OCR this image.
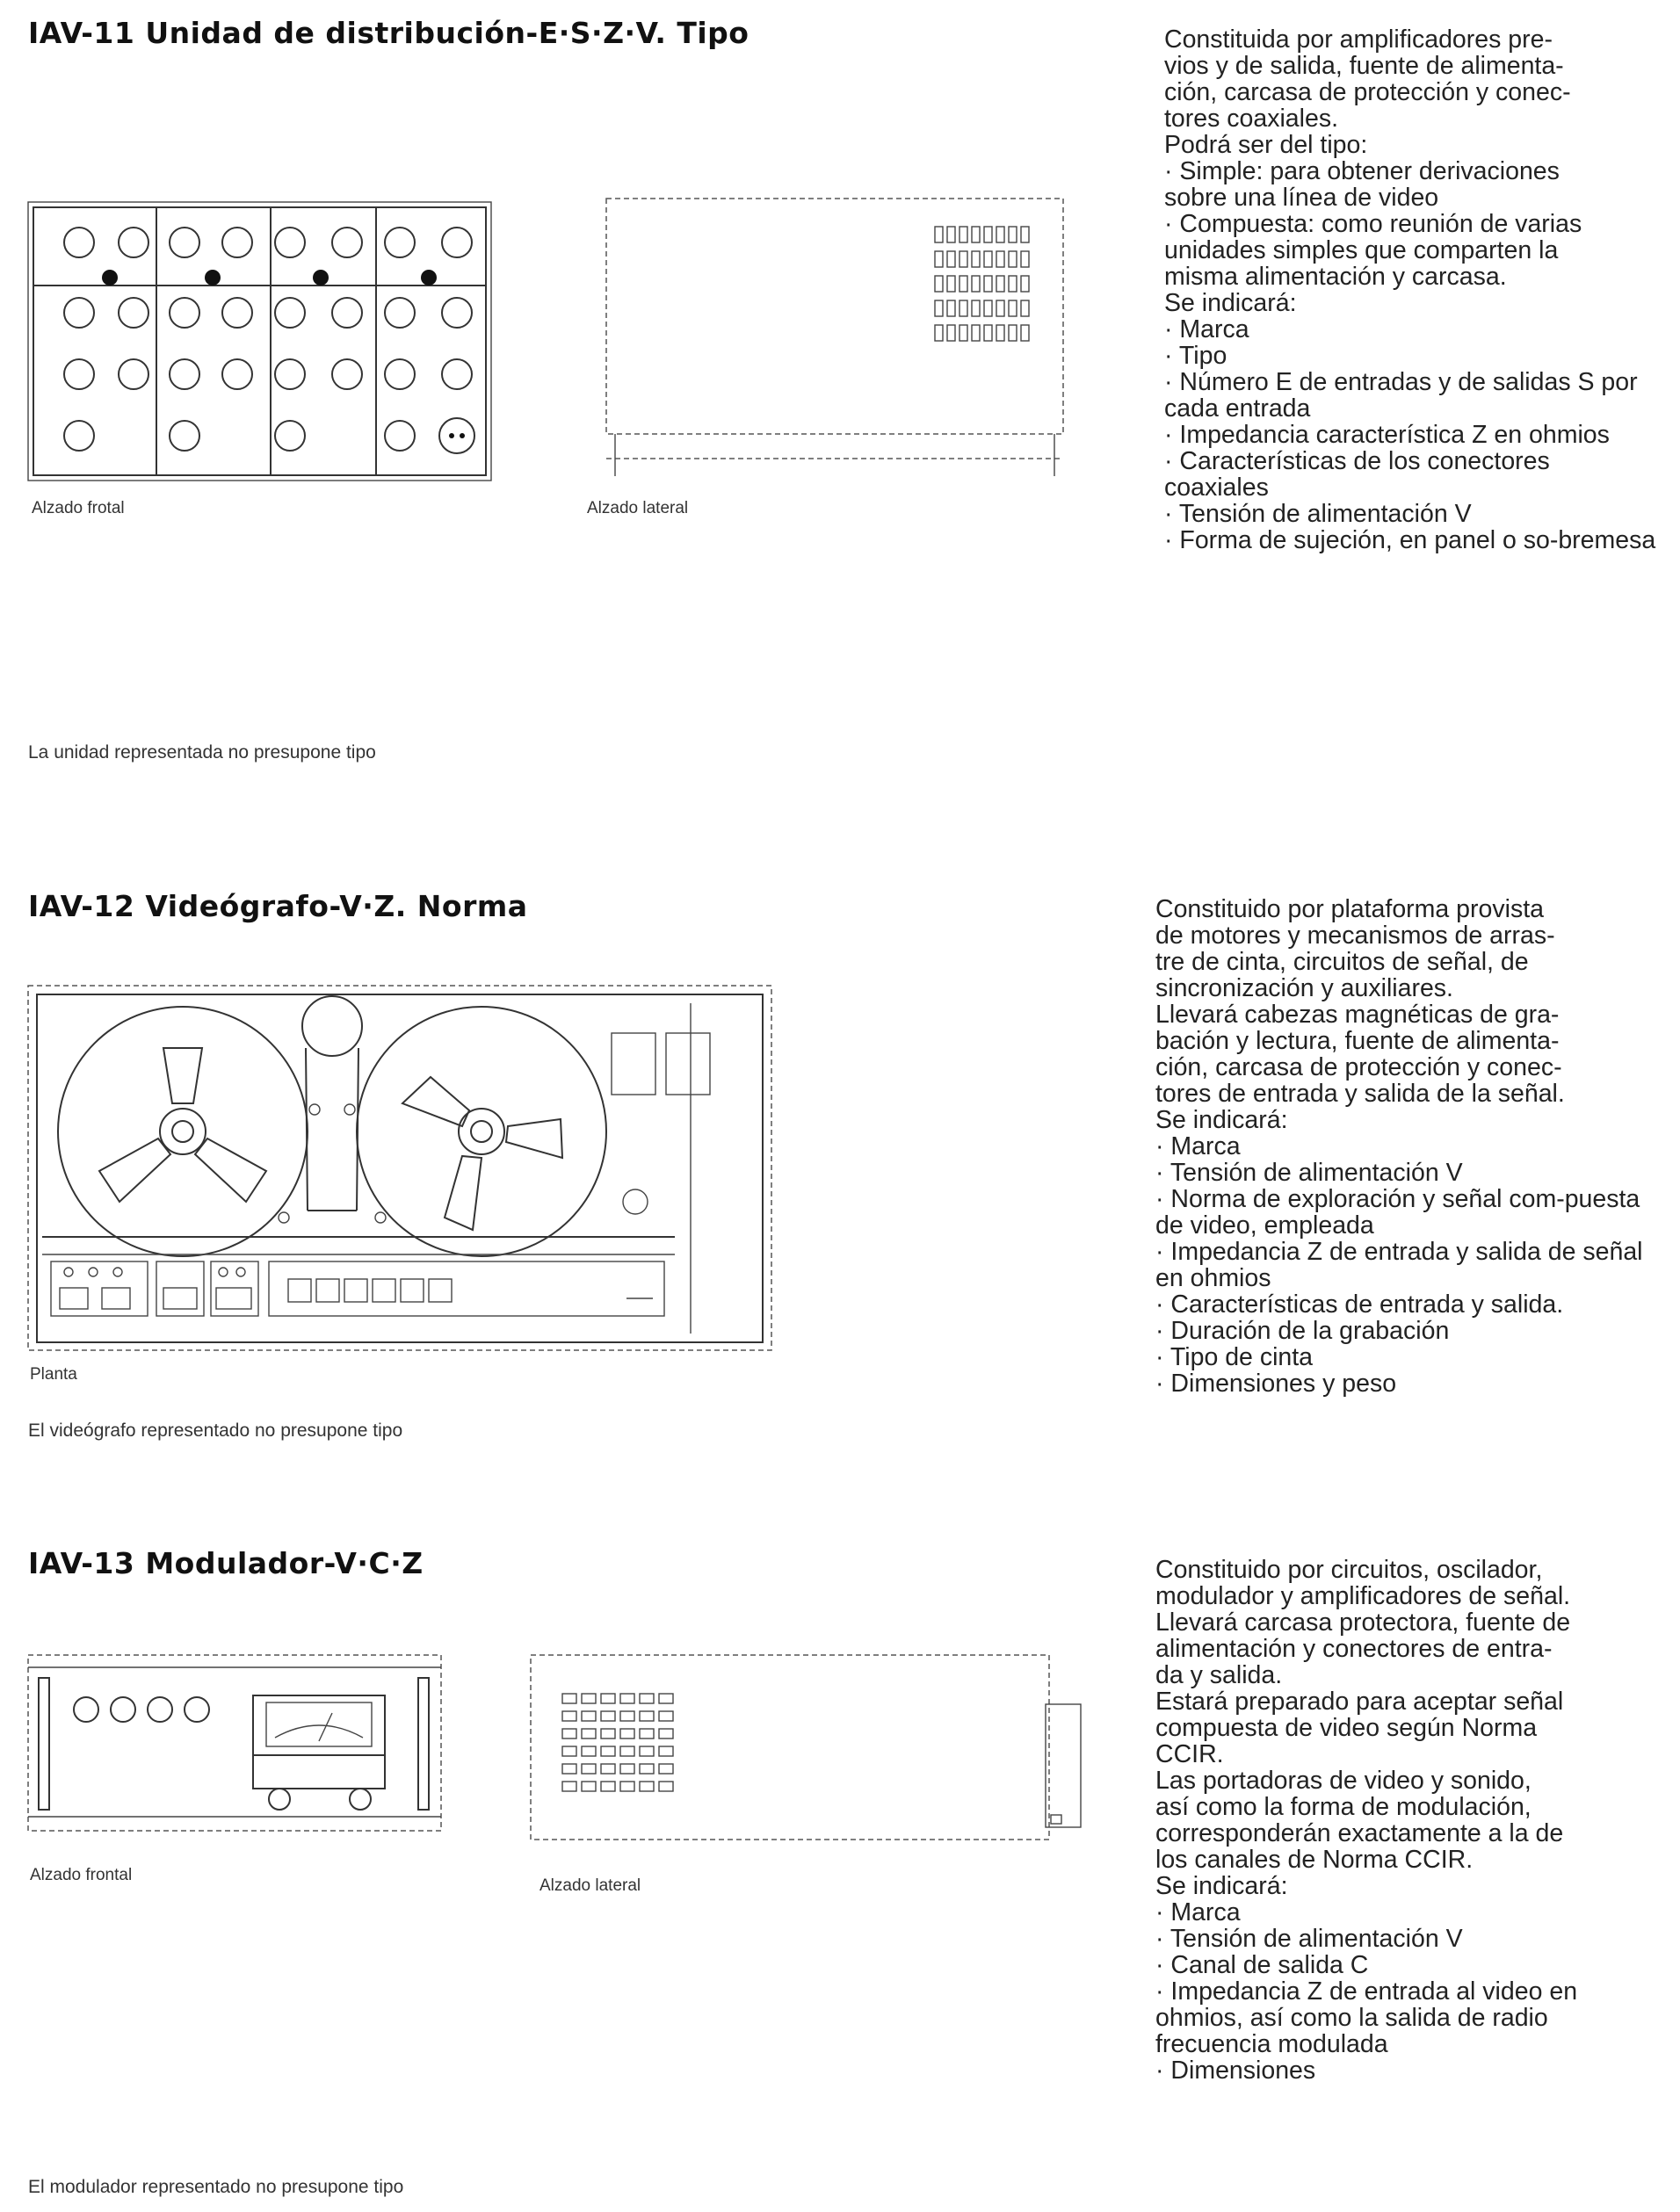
IAV-11 Unidad de distribución-E·S·Z·V. Tipo
Alzado frotal	Alzado lateral

Constituida por amplificadores pre-
vios y de salida, fuente de alimenta-
ción, carcasa de protección y conec-
tores coaxiales.
Podrá ser del tipo:
· Simple: para obtener derivaciones
sobre una línea de video
· Compuesta: como reunión de varias
unidades simples que comparten la
misma alimentación y carcasa.
Se indicará:

· Marca
· Tipo
· Número E de entradas y de salidas S por cada entrada
· Impedancia característica Z en ohmios
· Características de los conectores coaxiales
· Tensión de alimentación V
· Forma de sujeción, en panel o so-bremesa
La unidad representada no presupone tipo
IAV-12 Videógrafo-V·Z. Norma
Planta
El videógrafo representado no presupone tipo

Constituido por plataforma provista
de motores y mecanismos de arras-
tre de cinta, circuitos de señal, de
sincronización y auxiliares.
Llevará cabezas magnéticas de gra-
bación y lectura, fuente de alimenta-
ción, carcasa de protección y conec-
tores de entrada y salida de la señal.
Se indicará:

· Marca
· Tensión de alimentación V
· Norma de exploración y señal com-puesta de video, empleada
· Impedancia Z de entrada y salida de señal en ohmios
· Características de entrada y salida.
· Duración de la grabación
· Tipo de cinta
· Dimensiones y peso
IAV-13 Modulador-V·C·Z
Alzado frontal
Alzado lateral

Constituido por circuitos, oscilador,
modulador y amplificadores de señal.
Llevará carcasa protectora, fuente de
alimentación y conectores de entra-
da y salida.
Estará preparado para aceptar señal
compuesta de video según Norma
CCIR.
Las portadoras de video y sonido,
así como la forma de modulación,
corresponderán exactamente a la de
los canales de Norma CCIR.
Se indicará:

· Marca
· Tensión de alimentación V
· Canal de salida C
· Impedancia Z de entrada al video en ohmios, así como la salida de radio frecuencia modulada
· Dimensiones
El modulador representado no presupone tipo
